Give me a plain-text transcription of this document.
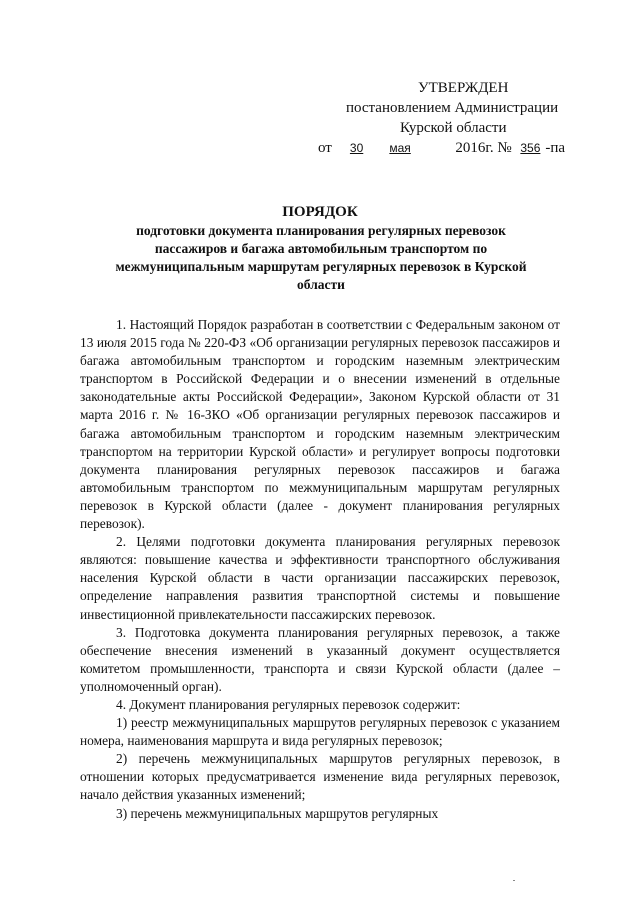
УТВЕРЖДЕН
постановлением Администрации
Курской области
от 30 мая	2016г. № 356 -па
ПОРЯДОК
подготовки документа планирования регулярных перевозок пассажиров и багажа автомобильным транспортом по межмуниципальным маршрутам регулярных перевозок в Курской области

1. Настоящий Порядок разработан в соответствии с Федеральным законом от 13 июля 2015 года № 220-ФЗ «Об организации регулярных перевозок пассажиров и багажа автомобильным транспортом и городским наземным электрическим транспортом в Российской Федерации и о внесении изменений в отдельные законодательные акты Российской Федерации», Законом Курской области от 31 марта 2016 г. № 16-ЗКО «Об организации регулярных перевозок пассажиров и багажа автомобильным транспортом и городским наземным электрическим транспортом на территории Курской области» и регулирует вопросы подготовки документа планирования регулярных перевозок пассажиров и багажа автомобильным транспортом по межмуниципальным маршрутам регулярных перевозок в Курской области (далее - документ планирования регулярных перевозок).

2. Целями подготовки документа планирования регулярных перевозок являются: повышение качества и эффективности транспортного обслуживания населения Курской области в части организации пассажирских перевозок, определение направления развития транспортной системы и повышение инвестиционной привлекательности пассажирских перевозок.

3. Подготовка документа планирования регулярных перевозок, а также обеспечение внесения изменений в указанный документ осуществляется комитетом промышленности, транспорта и связи Курской области (далее – уполномоченный орган).

4. Документ планирования регулярных перевозок содержит:

1) реестр межмуниципальных маршрутов регулярных перевозок с указанием номера, наименования маршрута и вида регулярных перевозок;

2) перечень межмуниципальных маршрутов регулярных перевозок, в отношении которых предусматривается изменение вида регулярных перевозок, начало действия указанных изменений;

3) перечень межмуниципальных маршрутов регулярных
